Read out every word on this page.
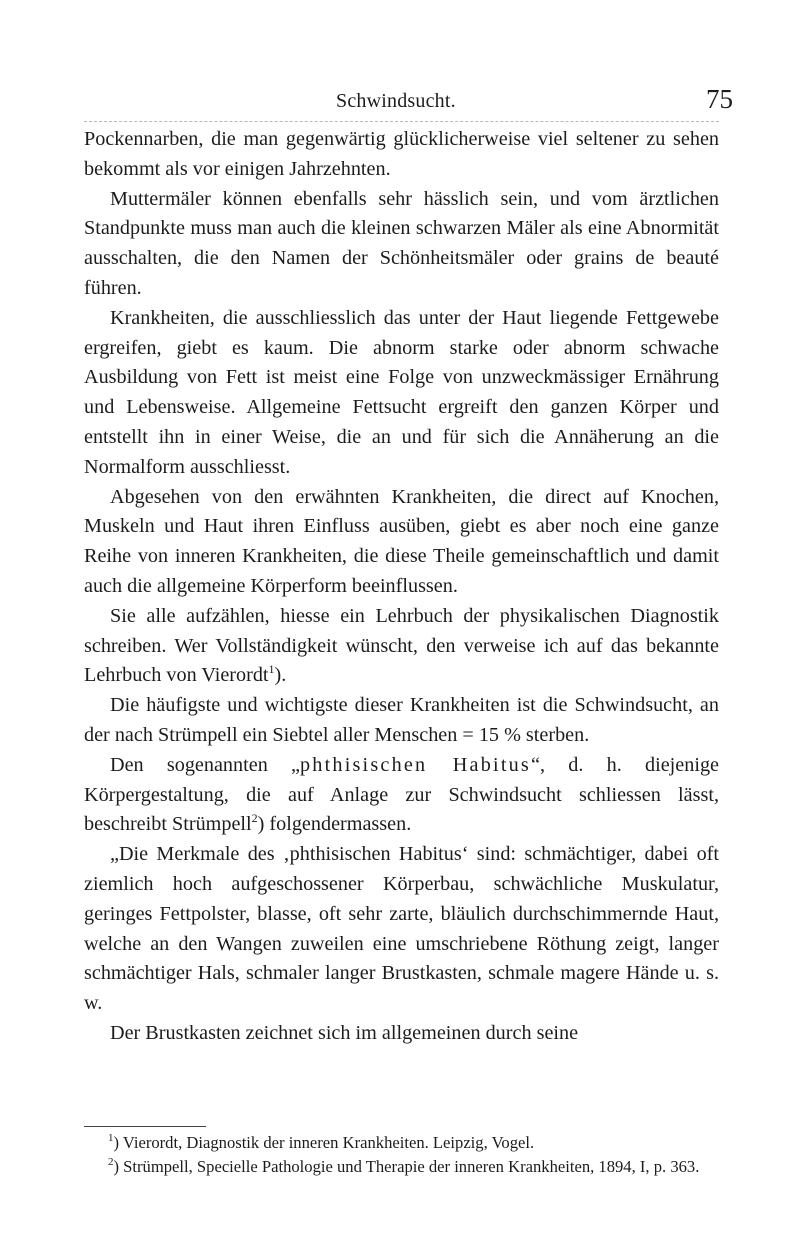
Schwindsucht.	75

Pockennarben, die man gegenwärtig glücklicherweise viel seltener zu sehen bekommt als vor einigen Jahrzehnten.

Muttermäler können ebenfalls sehr hässlich sein, und vom ärztlichen Standpunkte muss man auch die kleinen schwarzen Mäler als eine Abnormität ausschalten, die den Namen der Schönheitsmäler oder grains de beauté führen.

Krankheiten, die ausschliesslich das unter der Haut liegende Fettgewebe ergreifen, giebt es kaum. Die abnorm starke oder abnorm schwache Ausbildung von Fett ist meist eine Folge von unzweckmässiger Ernährung und Lebensweise. Allgemeine Fettsucht ergreift den ganzen Körper und entstellt ihn in einer Weise, die an und für sich die Annäherung an die Normalform ausschliesst.

Abgesehen von den erwähnten Krankheiten, die direct auf Knochen, Muskeln und Haut ihren Einfluss ausüben, giebt es aber noch eine ganze Reihe von inneren Krankheiten, die diese Theile gemeinschaftlich und damit auch die allgemeine Körperform beeinflussen.

Sie alle aufzählen, hiesse ein Lehrbuch der physikalischen Diagnostik schreiben. Wer Vollständigkeit wünscht, den verweise ich auf das bekannte Lehrbuch von Vierordt$^1$).

Die häufigste und wichtigste dieser Krankheiten ist die Schwindsucht, an der nach Strümpell ein Siebtel aller Menschen = 15 % sterben.

Den sogenannten „phthisischen Habitus“, d. h. diejenige Körpergestaltung, die auf Anlage zur Schwindsucht schliessen lässt, beschreibt Strümpell$^2$) folgendermassen.

„Die Merkmale des ‚phthisischen Habitus‘ sind: schmächtiger, dabei oft ziemlich hoch aufgeschossener Körperbau, schwächliche Muskulatur, geringes Fettpolster, blasse, oft sehr zarte, bläulich durchschimmernde Haut, welche an den Wangen zuweilen eine umschriebene Röthung zeigt, langer schmächtiger Hals, schmaler langer Brustkasten, schmale magere Hände u. s. w.

Der Brustkasten zeichnet sich im allgemeinen durch seine

$^1$) Vierordt, Diagnostik der inneren Krankheiten. Leipzig, Vogel.

$^2$) Strümpell, Specielle Pathologie und Therapie der inneren Krankheiten, 1894, I, p. 363.
